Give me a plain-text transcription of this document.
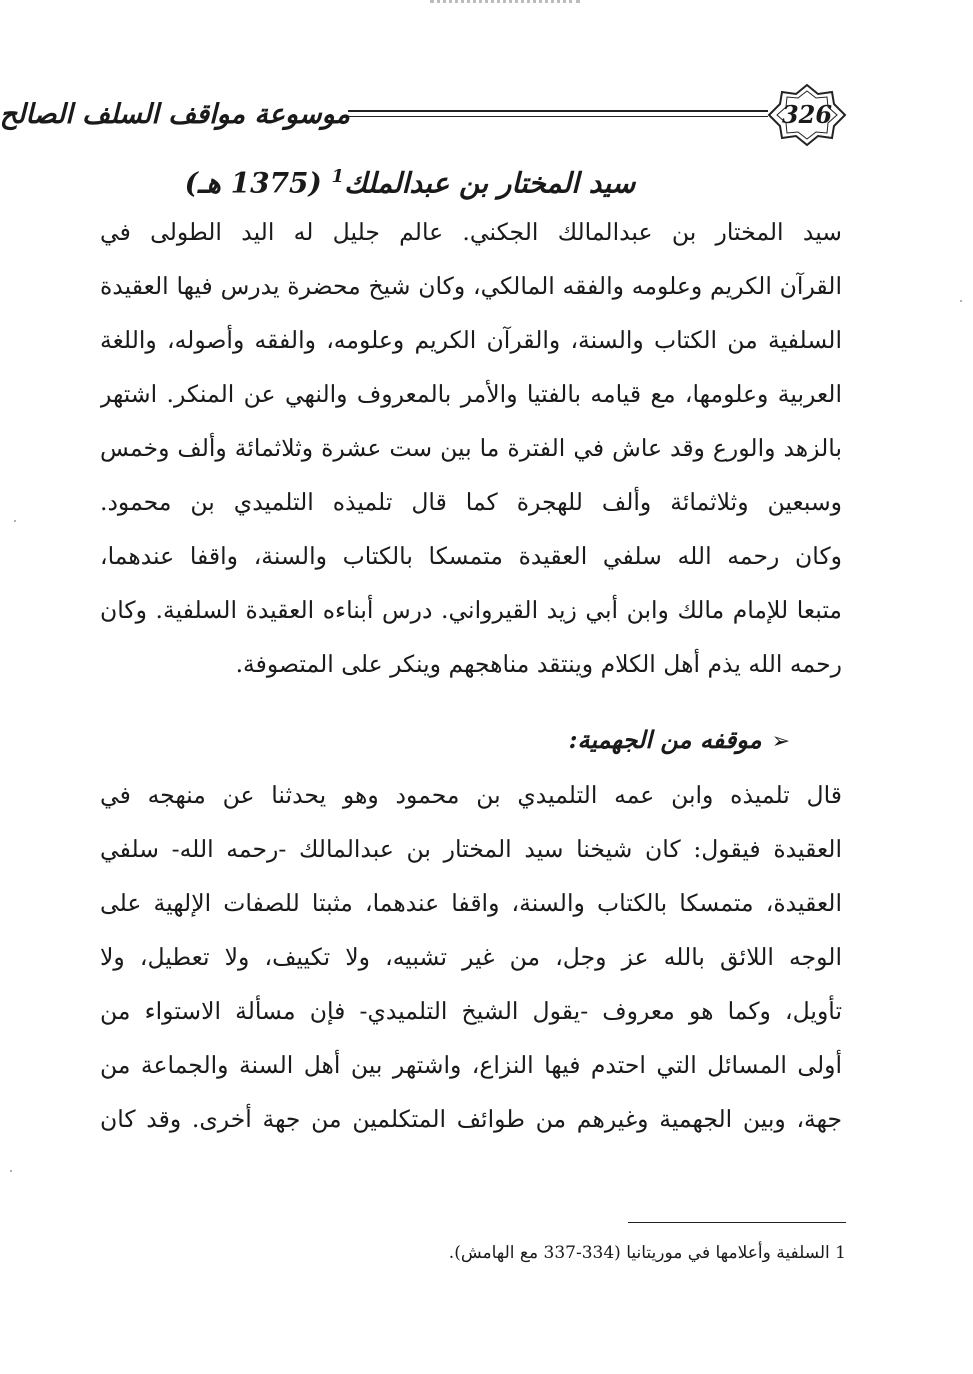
موسوعة مواقف السلف الصالح	326
سيد المختار بن عبدالملك$^1$ (1375 هـ)
سيد المختار بن عبدالمالك الجكني. عالم جليل له اليد الطولى في
القرآن الكريم وعلومه والفقه المالكي، وكان شيخ محضرة يدرس فيها العقيدة
السلفية من الكتاب والسنة، والقرآن الكريم وعلومه، والفقه وأصوله، واللغة
العربية وعلومها، مع قيامه بالفتيا والأمر بالمعروف والنهي عن المنكر. اشتهر
بالزهد والورع وقد عاش في الفترة ما بين ست عشرة وثلاثمائة وألف وخمس
وسبعين وثلاثمائة وألف للهجرة كما قال تلميذه التلميدي بن محمود.
وكان رحمه الله سلفي العقيدة متمسكا بالكتاب والسنة، واقفا عندهما،
متبعا للإمام مالك وابن أبي زيد القيرواني. درس أبناءه العقيدة السلفية. وكان
رحمه الله يذم أهل الكلام وينتقد مناهجهم وينكر على المتصوفة.
➢موقفه من الجهمية:
قال تلميذه وابن عمه التلميدي بن محمود وهو يحدثنا عن منهجه في
العقيدة فيقول: كان شيخنا سيد المختار بن عبدالمالك -رحمه الله- سلفي
العقيدة، متمسكا بالكتاب والسنة، واقفا عندهما، مثبتا للصفات الإلهية على
الوجه اللائق بالله عز وجل، من غير تشبيه، ولا تكييف، ولا تعطيل، ولا
تأويل، وكما هو معروف -يقول الشيخ التلميدي- فإن مسألة الاستواء من
أولى المسائل التي احتدم فيها النزاع، واشتهر بين أهل السنة والجماعة من
جهة، وبين الجهمية وغيرهم من طوائف المتكلمين من جهة أخرى. وقد كان
1 السلفية وأعلامها في موريتانيا (334-337 مع الهامش).
